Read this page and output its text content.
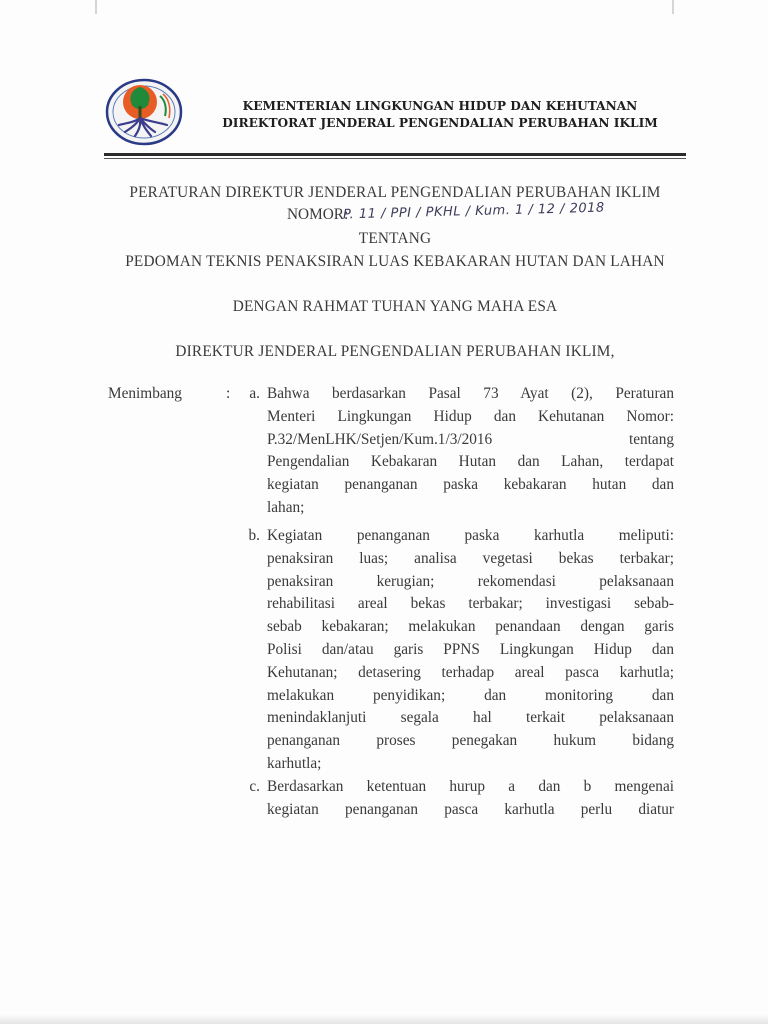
KEMENTERIAN LINGKUNGAN HIDUP DAN KEHUTANAN
DIREKTORAT JENDERAL PENGENDALIAN PERUBAHAN IKLIM
PERATURAN DIREKTUR JENDERAL PENGENDALIAN PERUBAHAN IKLIM
NOMOR:
P. 11 / PPI / PKHL / Kum. 1 / 12 / 2018
TENTANG
PEDOMAN TEKNIS PENAKSIRAN LUAS KEBAKARAN HUTAN DAN LAHAN
DENGAN RAHMAT TUHAN YANG MAHA ESA
DIREKTUR JENDERAL PENGENDALIAN PERUBAHAN IKLIM,
Menimbang	:	a. Bahwa berdasarkan Pasal 73 Ayat (2), Peraturan
Menteri Lingkungan Hidup dan Kehutanan Nomor:
P.32/MenLHK/Setjen/Kum.1/3/2016 tentang
Pengendalian Kebakaran Hutan dan Lahan, terdapat
kegiatan penanganan paska kebakaran hutan dan
lahan;
b. Kegiatan penanganan paska karhutla meliputi:
penaksiran luas; analisa vegetasi bekas terbakar;
penaksiran kerugian; rekomendasi pelaksanaan
rehabilitasi areal bekas terbakar; investigasi sebab-
sebab kebakaran; melakukan penandaan dengan garis
Polisi dan/atau garis PPNS Lingkungan Hidup dan
Kehutanan; detasering terhadap areal pasca karhutla;
melakukan penyidikan; dan monitoring dan
menindaklanjuti segala hal terkait pelaksanaan
penanganan proses penegakan hukum bidang
karhutla;
c. Berdasarkan ketentuan hurup a dan b mengenai
kegiatan penanganan pasca karhutla perlu diatur
